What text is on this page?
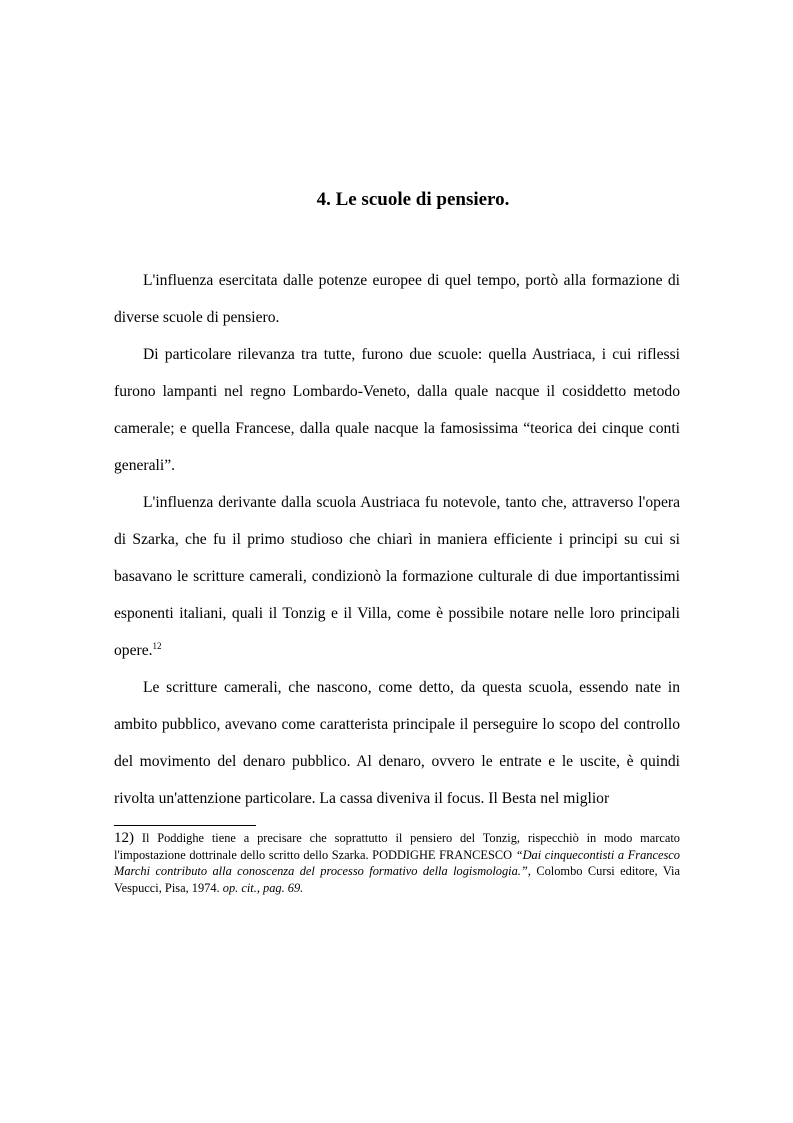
4. Le scuole di pensiero.

L'influenza esercitata dalle potenze europee di quel tempo, portò alla formazione di diverse scuole di pensiero.

Di particolare rilevanza tra tutte, furono due scuole: quella Austriaca, i cui riflessi furono lampanti nel regno Lombardo-Veneto, dalla quale nacque il cosiddetto metodo camerale; e quella Francese, dalla quale nacque la famosissima “teorica dei cinque conti generali”.

L'influenza derivante dalla scuola Austriaca fu notevole, tanto che, attraverso l'opera di Szarka, che fu il primo studioso che chiarì in maniera efficiente i principi su cui si basavano le scritture camerali, condizionò la formazione culturale di due importantissimi esponenti italiani, quali il Tonzig e il Villa, come è possibile notare nelle loro principali opere.$^{12}$

Le scritture camerali, che nascono, come detto, da questa scuola, essendo nate in ambito pubblico, avevano come caratterista principale il perseguire lo scopo del controllo del movimento del denaro pubblico. Al denaro, ovvero le entrate e le uscite, è quindi rivolta un'attenzione particolare. La cassa diveniva il focus. Il Besta nel miglior

12) Il Poddighe tiene a precisare che soprattutto il pensiero del Tonzig, rispecchiò in modo marcato l'impostazione dottrinale dello scritto dello Szarka. PODDIGHE FRANCESCO “Dai cinquecontisti a Francesco Marchi contributo alla conoscenza del processo formativo della logismologia.”, Colombo Cursi editore, Via Vespucci, Pisa, 1974. op. cit., pag. 69.
